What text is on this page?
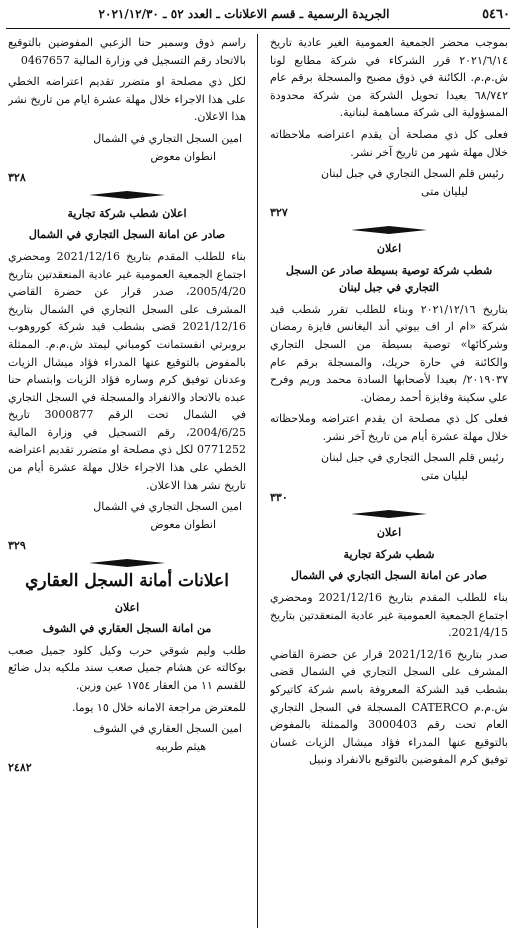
٥٤٦٠
الجريدة الرسمية ـ قسم الاعلانات ـ العدد ٥٢ ـ ٢٠٢١/١٢/٣٠

بموجب محضر الجمعية العمومية الغير عادية تاريخ ٢٠٢١/٦/١٤ قرر الشركاء في شركة مطابع لونا ش.م.م. الكائنة في ذوق مصبح والمسجلة برقم عام ٦٨/٧٤٢ بعيدا تحويل الشركة من شركة محدودة المسؤولية الى شركة مساهمة لبنانية.

فعلى كل ذي مصلحة أن يقدم اعتراضه ملاحظاته خلال مهلة شهر من تاريخ آخر نشر.

رئيس قلم السجل التجاري في جبل لبنان

ليليان متى

٣٢٧

اعلان

شطب شركة توصية بسيطة صادر عن السجل التجاري في جبل لبنان

بتاريخ ٢٠٢١/١٢/١٦ وبناء للطلب تقرر شطب قيد شركة «ام ار اف بيوتي أند اليغانس فايزة رمضان وشركائها» توصية بسيطة من السجل التجاري والكائنة في حارة حريك، والمسجلة برقم عام ٢٠١٩٠٣٧/ بعيدا لأصحابها السادة محمد وريم وفرح علي سكينة وفايزة أحمد رمضان.

فعلى كل ذي مصلحة ان يقدم اعتراضه وملاحظاته خلال مهلة عشرة أيام من تاريخ آخر نشر.

رئيس قلم السجل التجاري في جبل لبنان

ليليان متى

٣٣٠

اعلان

شطب شركة تجارية

صادر عن امانة السجل التجاري في الشمال

بناء للطلب المقدم بتاريخ 2021/12/16 ومحضري اجتماع الجمعية العمومية غير عادية المنعقدتين بتاريخ 2021/4/15.

صدر بتاريخ 2021/12/16 قرار عن حضرة القاضي المشرف على السجل التجاري في الشمال قضى بشطب قيد الشركة المعروفة باسم شركة كاتيركو ش.م.م CATERCO المسجلة في السجل التجاري العام تحت رقم 3000403 والممثلة بالمفوض بالتوقيع عنها المدراء فؤاد ميشال الزيات غسان توفيق كرم المفوضين بالتوقيع بالانفراد ونبيل

راسم ذوق وسمير حنا الزعبي المفوضين بالتوقيع بالاتحاد رقم التسجيل في وزارة المالية 0467657

لكل ذي مصلحة او متضرر تقديم اعتراضه الخطي على هذا الاجراء خلال مهلة عشرة ايام من تاريخ نشر هذا الاعلان.

امين السجل التجاري في الشمال

انطوان معوض

٣٢٨

اعلان شطب شركة تجارية

صادر عن امانة السجل التجاري في الشمال

بناء للطلب المقدم بتاريخ 2021/12/16 ومحضري اجتماع الجمعية العمومية غير عادية المنعقدتين بتاريخ 2005/4/20، صدر قرار عن حضرة القاضي المشرف على السجل التجاري في الشمال بتاريخ 2021/12/16 قضى بشطب قيد شركة كوروهوب بروبرتي انفستمانت كومباني ليمتد ش.م.م. الممثلة بالمفوض بالتوقيع عنها المدراء فؤاد ميشال الزيات وعدنان توفيق كرم وساره فؤاد الزيات وابتسام حنا عبده بالاتحاد والانفراد والمسجلة في السجل التجاري في الشمال تحت الرقم 3000877 تاريخ 2004/6/25، رقم التسجيل في وزارة المالية 0771252 لكل ذي مصلحة او متضرر تقديم اعتراضه الخطي على هذا الاجراء خلال مهلة عشرة أيام من تاريخ نشر هذا الاعلان.

امين السجل التجاري في الشمال

انطوان معوض

٣٢٩
اعلانات أمانة السجل العقاري

اعلان

من امانة السجل العقاري في الشوف

طلب وليم شوقي حرب وكيل كلود جميل صعب بوكالته عن هشام جميل صعب سند ملكيه بدل ضائع للقسم ١١ من العقار ١٧٥٤ عين وزين.

للمعترض مراجعة الامانه خلال ١٥ يوما.

امين السجل العقاري في الشوف

هيثم طربيه

٢٤٨٢
